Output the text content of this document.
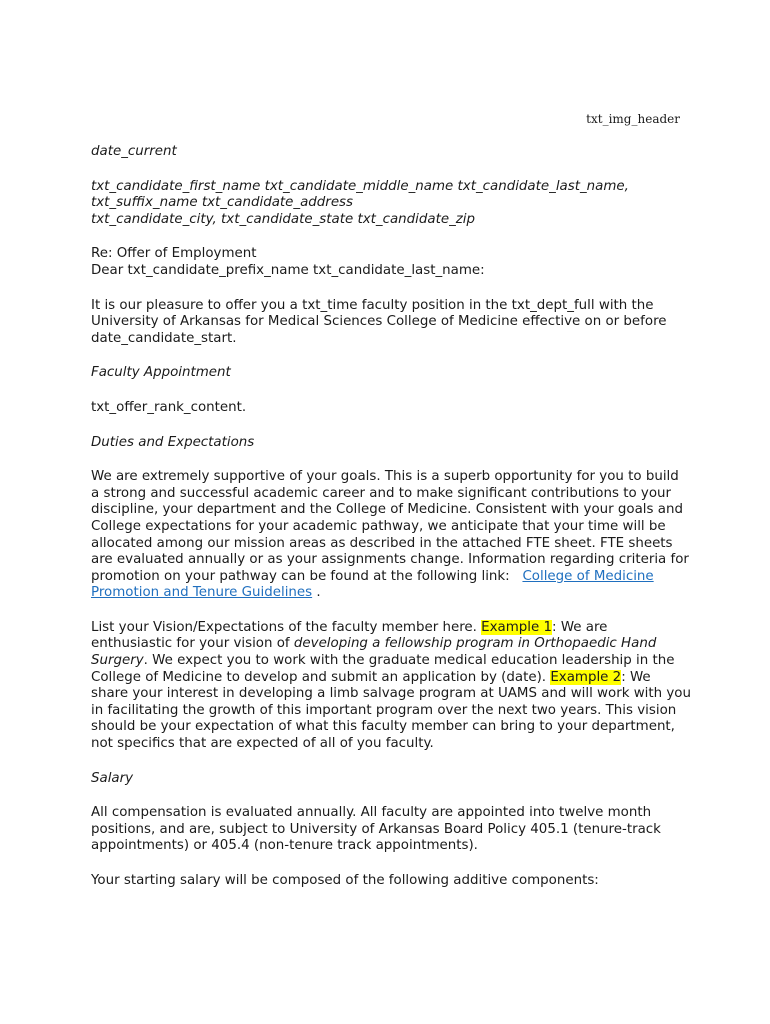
txt_img_header

date_current

txt_candidate_first_name txt_candidate_middle_name txt_candidate_last_name,
txt_suffix_name txt_candidate_address
txt_candidate_city, txt_candidate_state txt_candidate_zip

Re: Offer of Employment
Dear txt_candidate_prefix_name txt_candidate_last_name:

It is our pleasure to offer you a txt_time faculty position in the txt_dept_full with the University of Arkansas for Medical Sciences College of Medicine effective on or before date_candidate_start.

Faculty Appointment

txt_offer_rank_content.

Duties and Expectations

We are extremely supportive of your goals. This is a superb opportunity for you to build a strong and successful academic career and to make significant contributions to your discipline, your department and the College of Medicine. Consistent with your goals and College expectations for your academic pathway, we anticipate that your time will be allocated among our mission areas as described in the attached FTE sheet. FTE sheets are evaluated annually or as your assignments change. Information regarding criteria for promotion on your pathway can be found at the following link: College of Medicine Promotion and Tenure Guidelines .

List your Vision/Expectations of the faculty member here. Example 1: We are enthusiastic for your vision of developing a fellowship program in Orthopaedic Hand Surgery. We expect you to work with the graduate medical education leadership in the College of Medicine to develop and submit an application by (date). Example 2: We share your interest in developing a limb salvage program at UAMS and will work with you in facilitating the growth of this important program over the next two years. This vision should be your expectation of what this faculty member can bring to your department, not specifics that are expected of all of you faculty.

Salary

All compensation is evaluated annually. All faculty are appointed into twelve month positions, and are, subject to University of Arkansas Board Policy 405.1 (tenure-track appointments) or 405.4 (non-tenure track appointments).

Your starting salary will be composed of the following additive components:
